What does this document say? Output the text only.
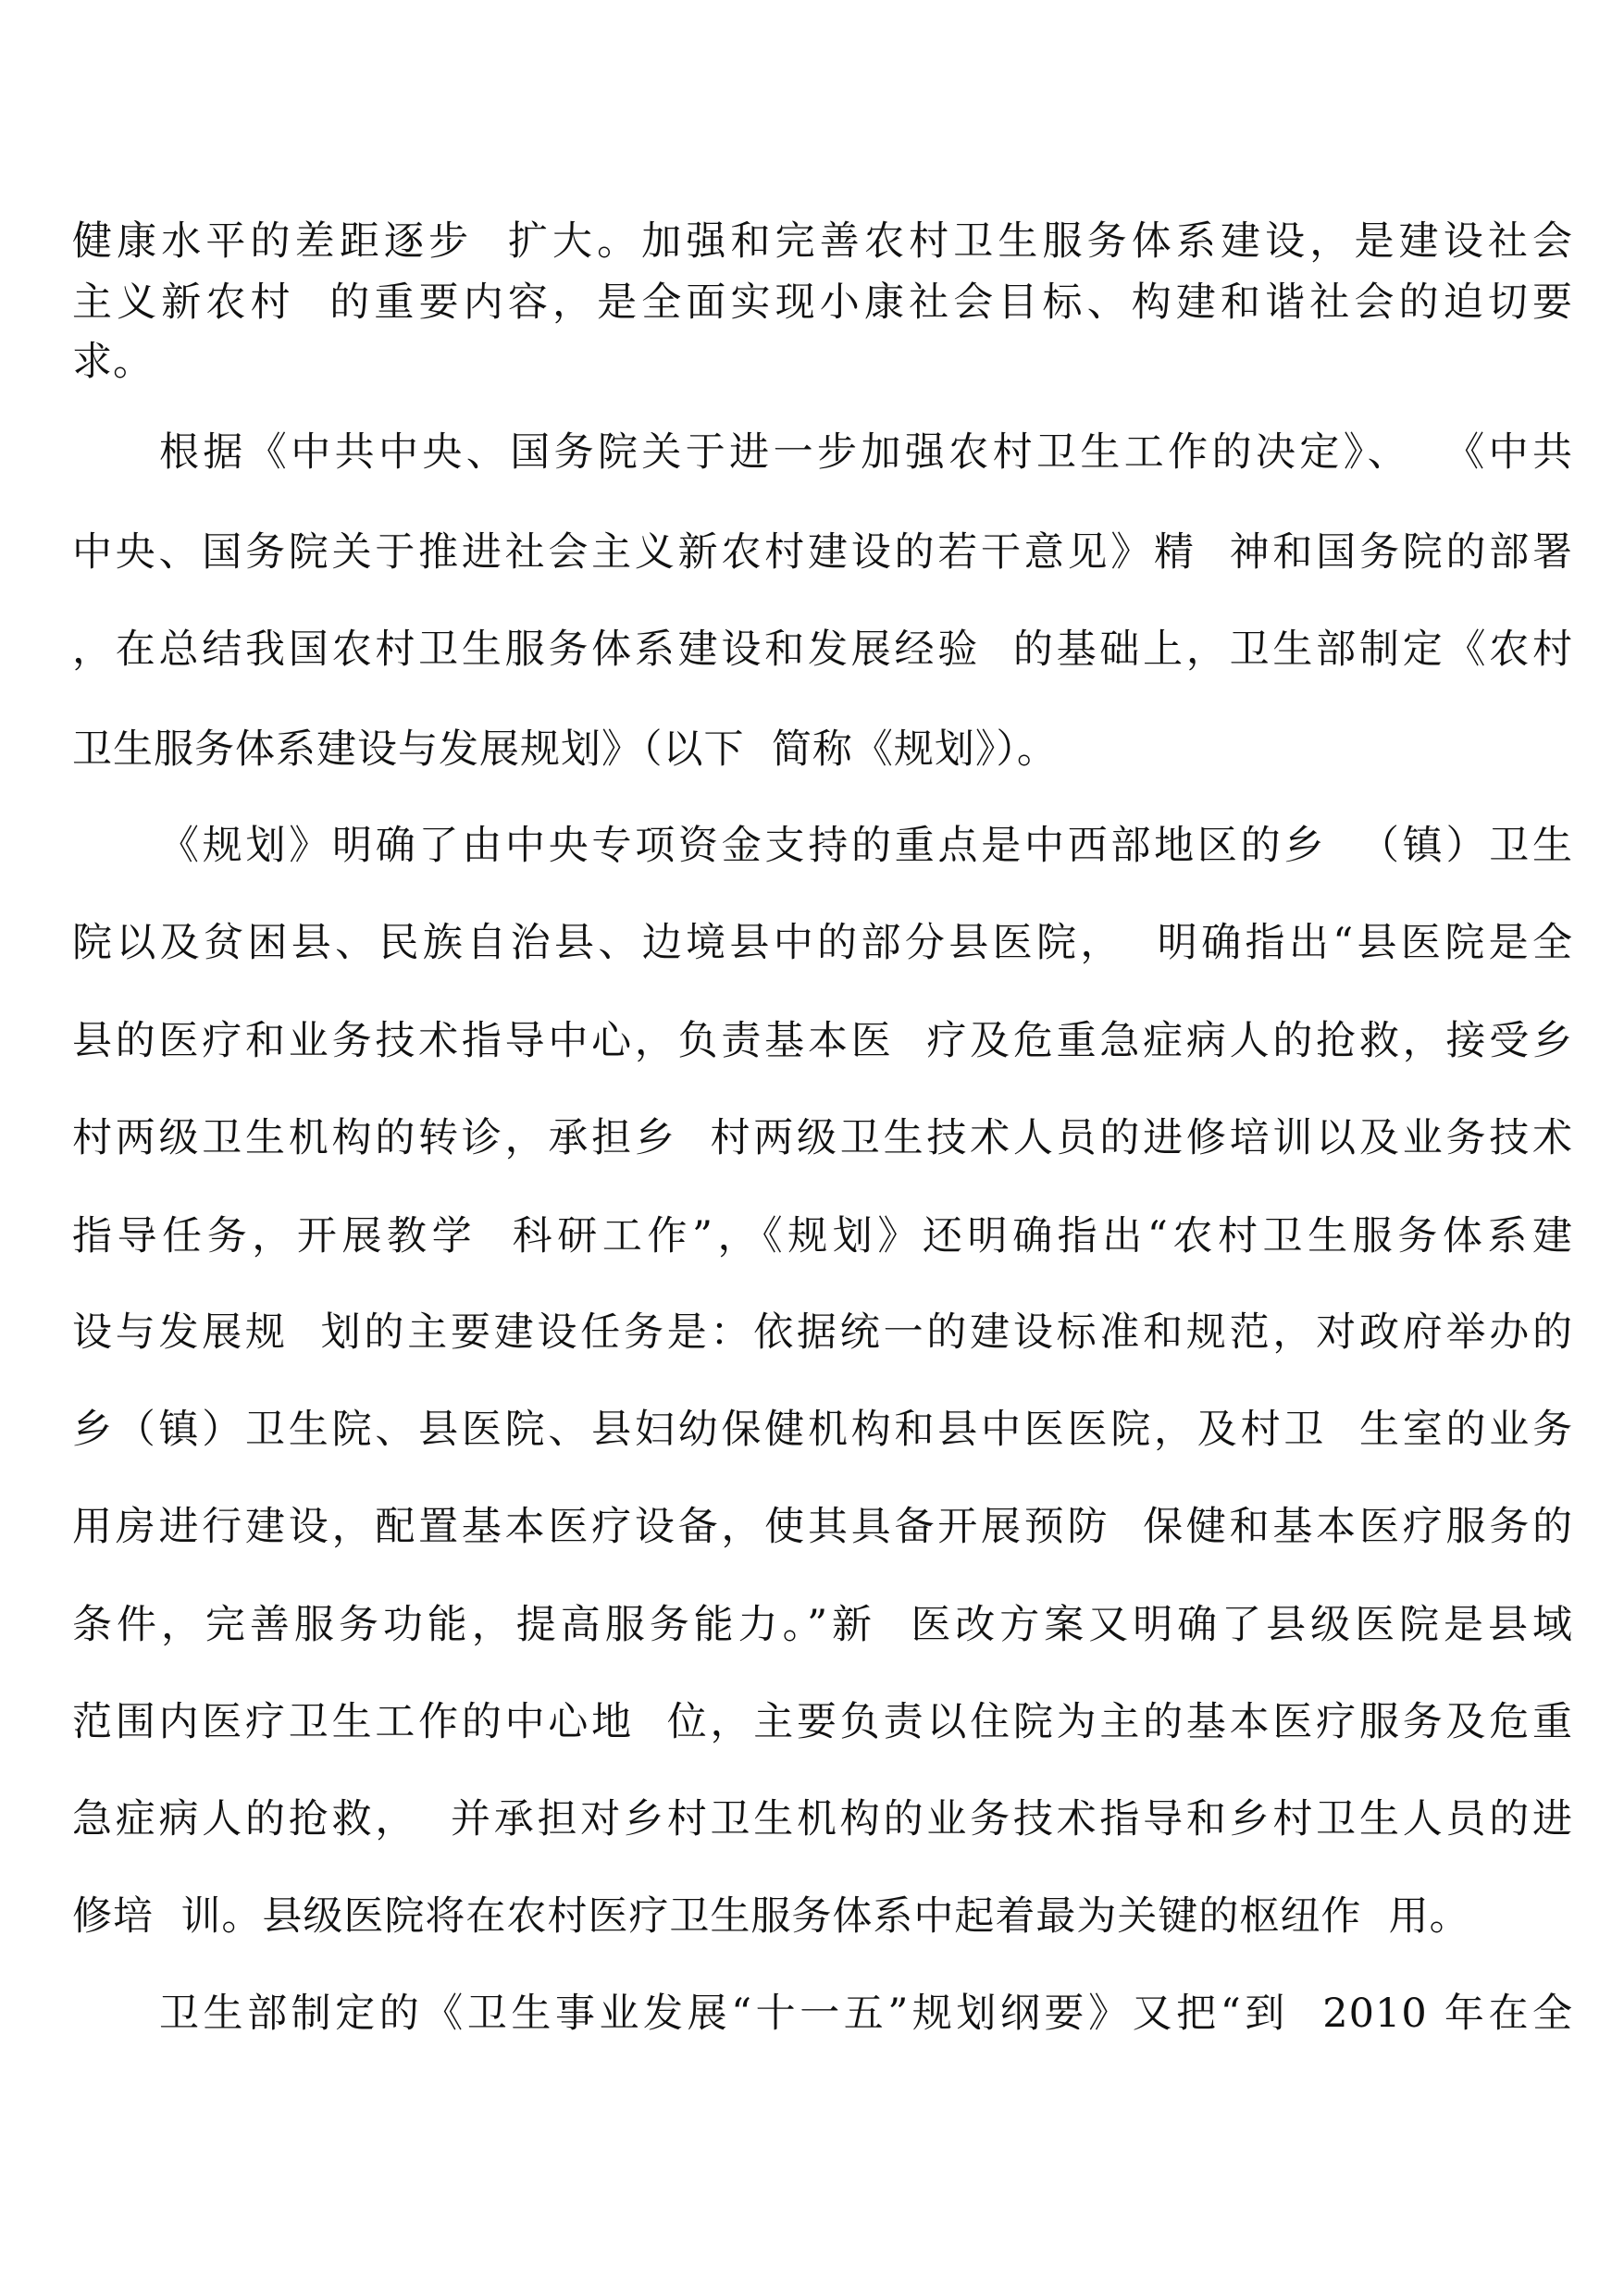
健康水平的差距逐步  扩大。加强和完善农村卫生服务体系建设，是建设社会
主义新农村  的重要内容，是全面实现小康社会目标、构建和谐社会的迫切要
求。
根据《中共中央、国务院关于进一步加强农村卫生工作的决定》、  《中共
中央、国务院关于推进社会主义新农村建设的若干意见》精  神和国务院的部署
，在总结我国农村卫生服务体系建设和发展经验  的基础上，卫生部制定《农村
卫生服务体系建设与发展规划》（以下  简称《规划》）。
《规划》明确了由中央专项资金支持的重点是中西部地区的乡  （镇）卫生
院以及贫困县、民族自治县、边境县中的部分县医院，  明确指出“县医院是全
县的医疗和业务技术指导中心，负责基本医  疗及危重急症病人的抢救，接受乡
村两级卫生机构的转诊，承担乡  村两级卫生技术人员的进修培训以及业务技术
指导任务，开展教学  科研工作”，《规划》还明确指出“农村卫生服务体系建
设与发展规  划的主要建设任务是：依据统一的建设标准和规范，对政府举办的
乡（镇）卫生院、县医院、县妇幼保健机构和县中医医院，及村卫  生室的业务
用房进行建设，配置基本医疗设备，使其具备开展预防  保健和基本医疗服务的
条件，完善服务功能，提高服务能力。”新  医改方案又明确了县级医院是县域
范围内医疗卫生工作的中心地  位，主要负责以住院为主的基本医疗服务及危重
急症病人的抢救，  并承担对乡村卫生机构的业务技术指导和乡村卫生人员的进
修培  训。县级医院将在农村医疗卫生服务体系中起着最为关键的枢纽作  用。
卫生部制定的《卫生事业发展“十一五”规划纲要》又把“到  2010 年在全
